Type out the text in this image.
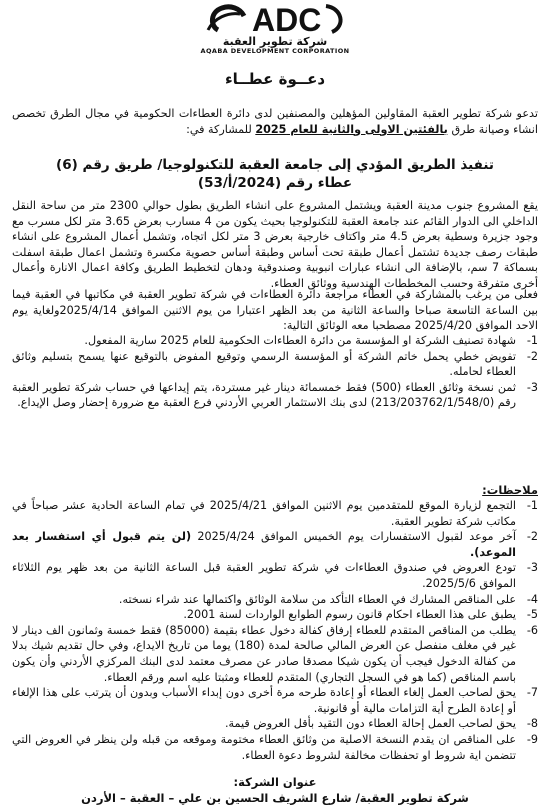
ADC
شركة تطوير العقبة
AQABA DEVELOPMENT CORPORATION
دعــوة عطــاء
تدعو شركة تطوير العقبة المقاولين المؤهلين والمصنفين لدى دائرة العطاءات الحكومية في مجال الطرق تخصص انشاء وصيانة طرق بالفئتين الاولى والثانية للعام 2025 للمشاركة في:
تنفيذ الطريق المؤدي إلى جامعة العقبة للتكنولوجيا/ طريق رقم (6)
عطاء رقم (2024/أ/53)
يقع المشروع جنوب مدينة العقبة ويشتمل المشروع على انشاء الطريق بطول حوالي 2300 متر من ساحة النقل الداخلي الى الدوار القائم عند جامعة العقبة للتكنولوجيا بحيث يكون من 4 مسارب بعرض 3.65 متر لكل مسرب مع وجود جزيرة وسطية بعرض 4.5 متر واكتاف خارجية بعرض 3 متر لكل اتجاه، وتشمل أعمال المشروع على انشاء طبقات رصف جديدة تشتمل أعمال طبقة تحت أساس وطبقة أساس حصوية مكسرة وتشمل اعمال طبقة اسفلت بسماكة 7 سم، بالإضافة الى انشاء عبارات انبوبية وصندوقية ودهان لتخطيط الطريق وكافة اعمال الانارة وأعمال أخرى متفرقة وحسب المخططات الهندسية ووثائق العطاء.
فعلى من يرغب بالمشاركة في العطاء مراجعة دائرة العطاءات في شركة تطوير العقبة في مكاتبها في العقبة فيما بين الساعة التاسعة صباحا والساعة الثانية من بعد الظهر اعتبارا من يوم الاثنين الموافق 2025/4/14ولغاية يوم الاحد الموافق 2025/4/20 مصطحبا معه الوثائق التالية:
1-
شهادة تصنيف الشركة او المؤسسة من دائرة العطاءات الحكومية للعام 2025 سارية المفعول.
2-
تفويض خطي يحمل خاتم الشركة أو المؤسسة الرسمي وتوقيع المفوض بالتوقيع عنها يسمح بتسليم وثائق العطاء لحامله.
3-
ثمن نسخة وثائق العطاء (500) فقط خمسمائة دينار غير مستردة، يتم إيداعها في حساب شركة تطوير العقبة رقم (213/203762/1/548/0) لدى بنك الاستثمار العربي الأردني فرع العقبة مع ضرورة إحضار وصل الإيداع.
ملاحظات:
1-
التجمع لزيارة الموقع للمتقدمين يوم الاثنين الموافق 2025/4/21 في تمام الساعة الحادية عشر صباحاً في مكاتب شركة تطوير العقبة.
2-
آخر موعد لقبول الاستفسارات يوم الخميس الموافق 2025/4/24 (لن يتم قبول أي استفسار بعد الموعد).
3-
تودع العروض في صندوق العطاءات في شركة تطوير العقبة قبل الساعة الثانية من بعد ظهر يوم الثلاثاء الموافق 2025/5/6.
4-
على المناقص المشارك في العطاء التأكد من سلامة الوثائق واكتمالها عند شراء نسخته.
5-
يطبق على هذا العطاء احكام قانون رسوم الطوابع الواردات لسنة 2001.
6-
يطلب من المناقص المتقدم للعطاء إرفاق كفالة دخول عطاء بقيمة (85000) فقط خمسة وثمانون الف دينار لا غير في مغلف منفصل عن العرض المالي صالحة لمدة (180) يوما من تاريخ الايداع، وفي حال تقديم شيك بدلا من كفالة الدخول فيجب أن يكون شيكا مصدقا صادر عن مصرف معتمد لدى البنك المركزي الأردني وأن يكون باسم المناقص (كما هو في السجل التجاري) المتقدم للعطاء ومثبتا عليه اسم ورقم العطاء.
7-
يحق لصاحب العمل إلغاء العطاء أو إعادة طرحه مرة أخرى دون إبداء الأسباب وبدون أن يترتب على هذا الإلغاء أو إعادة الطرح أية التزامات مالية أو قانونية.
8-
يحق لصاحب العمل إحالة العطاء دون التقيد بأقل العروض قيمة.
9-
على المناقص ان يقدم النسخة الاصلية من وثائق العطاء مختومة وموقعه من قبله ولن ينظر في العروض التي تتضمن اية شروط او تحفظات مخالفة لشروط دعوة العطاء.
عنوان الشركة:
شركة تطوير العقبة/ شارع الشريف الحسين بن علي – العقبة – الأردن
